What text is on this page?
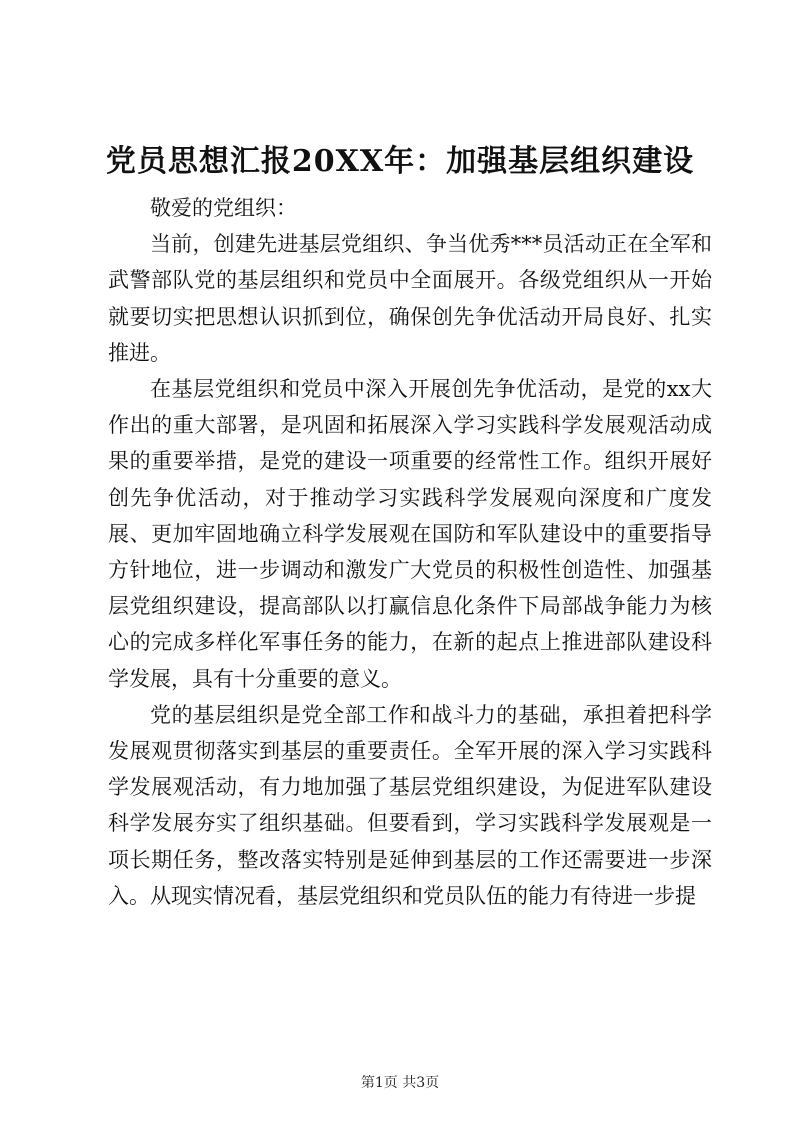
党员思想汇报20XX年：加强基层组织建设

敬爱的党组织：

当前，创建先进基层党组织、争当优秀***员活动正在全军和武警部队党的基层组织和党员中全面展开。各级党组织从一开始就要切实把思想认识抓到位，确保创先争优活动开局良好、扎实推进。

在基层党组织和党员中深入开展创先争优活动，是党的xx大作出的重大部署，是巩固和拓展深入学习实践科学发展观活动成果的重要举措，是党的建设一项重要的经常性工作。组织开展好创先争优活动，对于推动学习实践科学发展观向深度和广度发展、更加牢固地确立科学发展观在国防和军队建设中的重要指导方针地位，进一步调动和激发广大党员的积极性创造性、加强基层党组织建设，提高部队以打赢信息化条件下局部战争能力为核心的完成多样化军事任务的能力，在新的起点上推进部队建设科学发展，具有十分重要的意义。

党的基层组织是党全部工作和战斗力的基础，承担着把科学发展观贯彻落实到基层的重要责任。全军开展的深入学习实践科学发展观活动，有力地加强了基层党组织建设，为促进军队建设科学发展夯实了组织基础。但要看到，学习实践科学发展观是一项长期任务，整改落实特别是延伸到基层的工作还需要进一步深入。从现实情况看，基层党组织和党员队伍的能力有待进一步提

第1页 共3页
